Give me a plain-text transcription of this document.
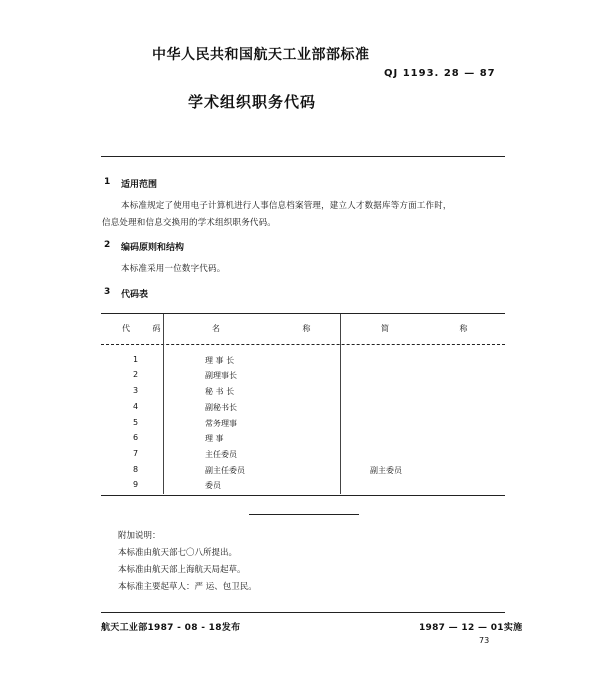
中华人民共和国航天工业部部标准
QJ 1193. 28 — 87
学术组织职务代码
1 适用范围
本标准规定了使用电子计算机进行人事信息档案管理，建立人才数据库等方面工作时，
信息处理和信息交换用的学术组织职务代码。
2 编码原则和结构
本标准采用一位数字代码。
3 代码表
代 码	名 称	简 称
1	理 事 长
2	副理事长
3	秘 书 长
4	副秘书长
5	常务理事
6	理 事
7	主任委员
8	副主任委员	副主委员
9	委员
附加说明：
本标准由航天部七〇八所提出。
本标准由航天部上海航天局起草。
本标准主要起草人：严 运、包卫民。
航天工业部1987 - 08 - 18发布	1987 — 12 — 01实施
73
